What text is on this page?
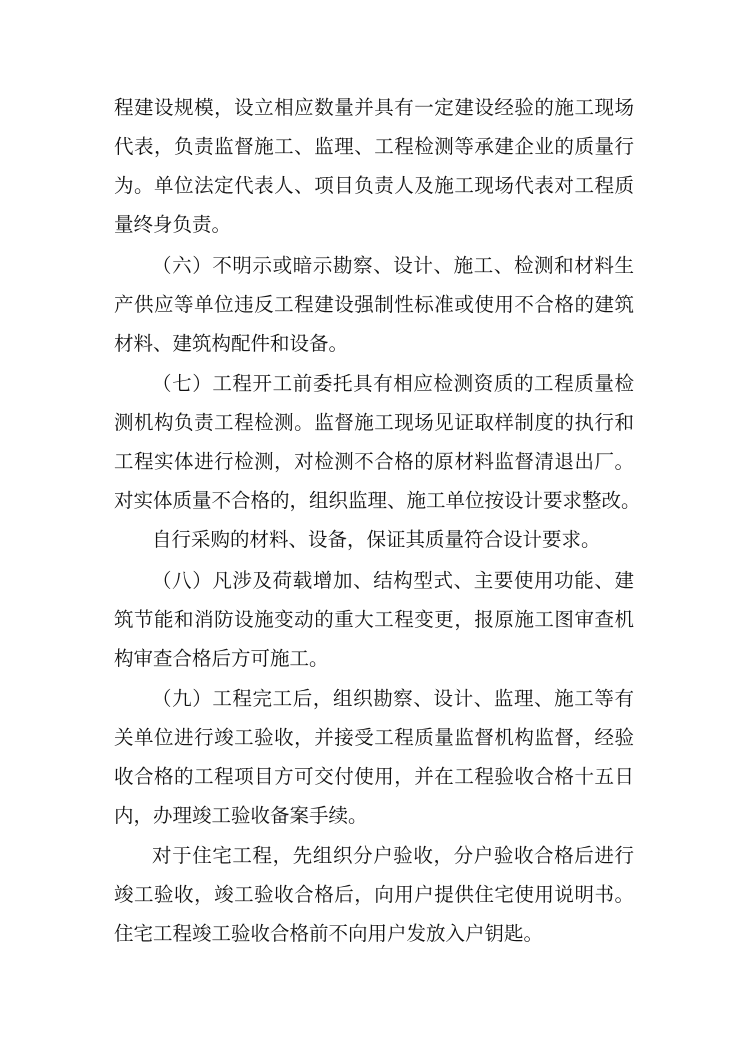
程建设规模，设立相应数量并具有一定建设经验的施工现场
代表，负责监督施工、监理、工程检测等承建企业的质量行
为。单位法定代表人、项目负责人及施工现场代表对工程质
量终身负责。
（六）不明示或暗示勘察、设计、施工、检测和材料生
产供应等单位违反工程建设强制性标准或使用不合格的建筑
材料、建筑构配件和设备。
（七）工程开工前委托具有相应检测资质的工程质量检
测机构负责工程检测。监督施工现场见证取样制度的执行和
工程实体进行检测，对检测不合格的原材料监督清退出厂。
对实体质量不合格的，组织监理、施工单位按设计要求整改。
自行采购的材料、设备，保证其质量符合设计要求。
（八）凡涉及荷载增加、结构型式、主要使用功能、建
筑节能和消防设施变动的重大工程变更，报原施工图审查机
构审查合格后方可施工。
（九）工程完工后，组织勘察、设计、监理、施工等有
关单位进行竣工验收，并接受工程质量监督机构监督，经验
收合格的工程项目方可交付使用，并在工程验收合格十五日
内，办理竣工验收备案手续。
对于住宅工程，先组织分户验收，分户验收合格后进行
竣工验收，竣工验收合格后，向用户提供住宅使用说明书。
住宅工程竣工验收合格前不向用户发放入户钥匙。
